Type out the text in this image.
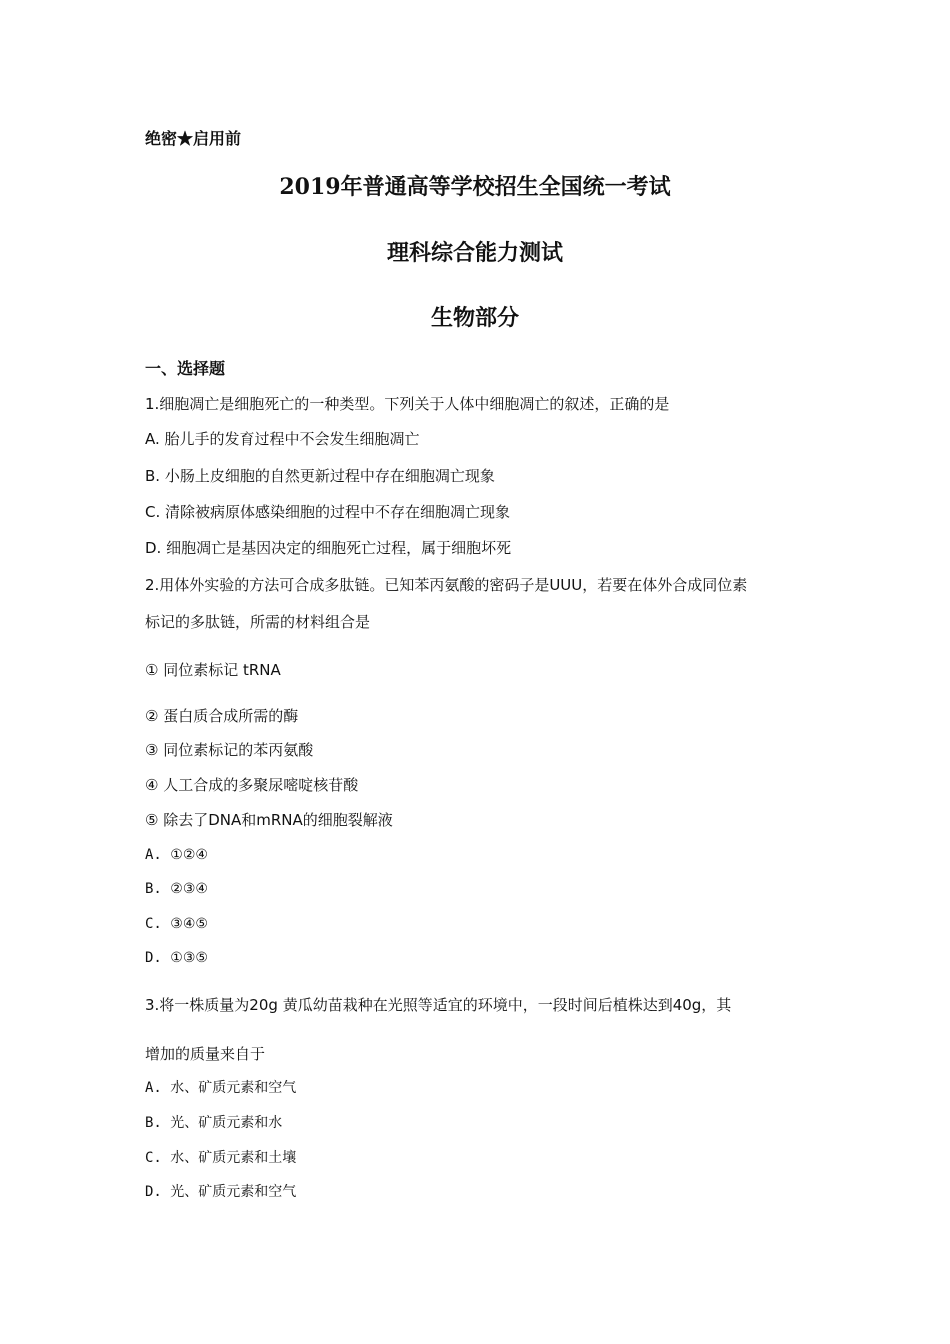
绝密★启用前
2019年普通高等学校招生全国统一考试
理科综合能力测试
生物部分
一、选择题
1.细胞凋亡是细胞死亡的一种类型。下列关于人体中细胞凋亡的叙述，正确的是
A. 胎儿手的发育过程中不会发生细胞凋亡
B. 小肠上皮细胞的自然更新过程中存在细胞凋亡现象
C. 清除被病原体感染细胞的过程中不存在细胞凋亡现象
D. 细胞凋亡是基因决定的细胞死亡过程，属于细胞坏死
2.用体外实验的方法可合成多肽链。已知苯丙氨酸的密码子是UUU，若要在体外合成同位素
标记的多肽链，所需的材料组合是
① 同位素标记 tRNA
② 蛋白质合成所需的酶
③ 同位素标记的苯丙氨酸
④ 人工合成的多聚尿嘧啶核苷酸
⑤ 除去了DNA和mRNA的细胞裂解液
A. ①②④
B. ②③④
C. ③④⑤
D. ①③⑤
3.将一株质量为20g 黄瓜幼苗栽种在光照等适宜的环境中，一段时间后植株达到40g，其
增加的质量来自于
A. 水、矿质元素和空气
B. 光、矿质元素和水
C. 水、矿质元素和土壤
D. 光、矿质元素和空气
